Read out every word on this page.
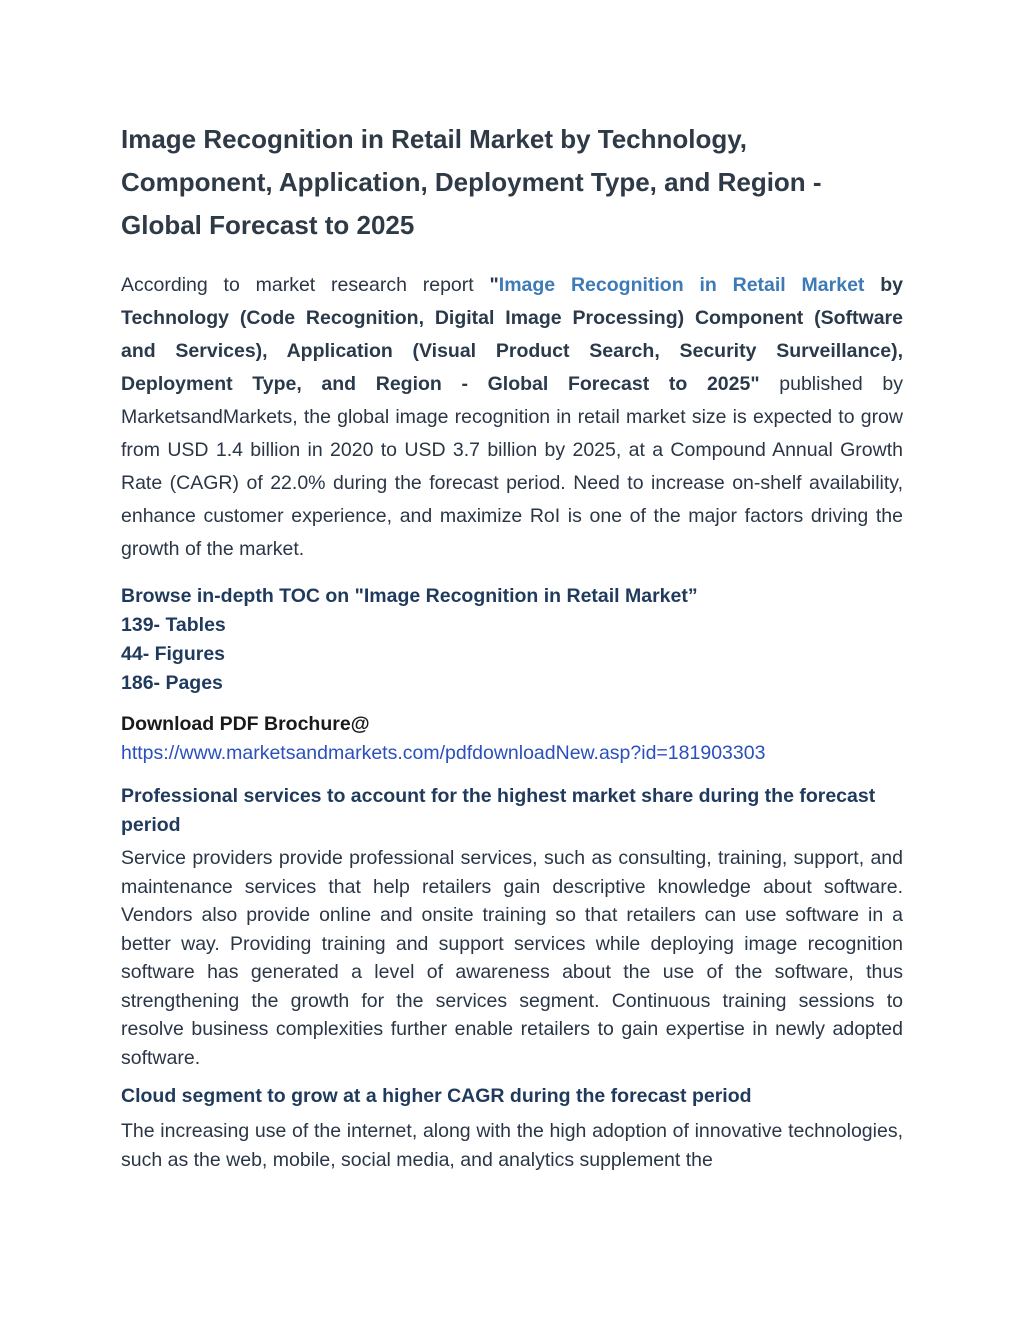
Image Recognition in Retail Market by Technology, Component, Application, Deployment Type, and Region - Global Forecast to 2025

According to market research report "Image Recognition in Retail Market by Technology (Code Recognition, Digital Image Processing) Component (Software and Services), Application (Visual Product Search, Security Surveillance), Deployment Type, and Region - Global Forecast to 2025" published by MarketsandMarkets, the global image recognition in retail market size is expected to grow from USD 1.4 billion in 2020 to USD 3.7 billion by 2025, at a Compound Annual Growth Rate (CAGR) of 22.0% during the forecast period. Need to increase on-shelf availability, enhance customer experience, and maximize RoI is one of the major factors driving the growth of the market.

Browse in-depth TOC on "Image Recognition in Retail Market”
139- Tables
44- Figures
186- Pages
Download PDF Brochure@
https://www.marketsandmarkets.com/pdfdownloadNew.asp?id=181903303
Professional services to account for the highest market share during the forecast period

Service providers provide professional services, such as consulting, training, support, and maintenance services that help retailers gain descriptive knowledge about software. Vendors also provide online and onsite training so that retailers can use software in a better way. Providing training and support services while deploying image recognition software has generated a level of awareness about the use of the software, thus strengthening the growth for the services segment. Continuous training sessions to resolve business complexities further enable retailers to gain expertise in newly adopted software.

Cloud segment to grow at a higher CAGR during the forecast period

The increasing use of the internet, along with the high adoption of innovative technologies, such as the web, mobile, social media, and analytics supplement the
